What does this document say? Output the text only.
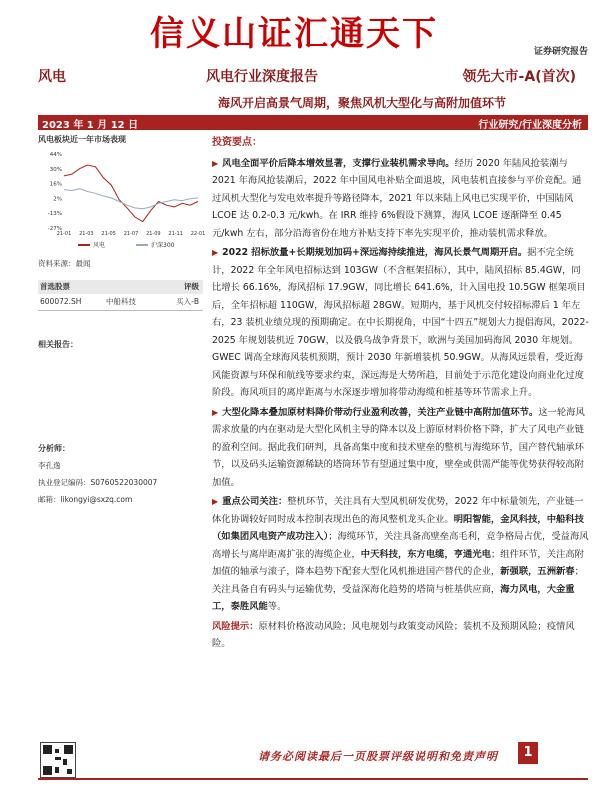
信义山证汇通天下	证券研究报告
风电	风电行业深度报告	领先大市-A(首次)
海风开启高景气周期，聚焦风机大型化与高附加值环节
2023 年 1 月 12 日	行业研究/行业深度分析
风电板块近一年市场表现
44%
30%
16%
2%
-13%
-27%
21-01 21-03 21-05 21-07 21-09 21-11 22-01
风电	沪深300
资料来源：最闻
首选股票	评级
600072.SH	中船科技	买入-B
相关报告：
分析师：
李孔逸
执业登记编码：S0760522030007
邮箱：likongyi@sxzq.com
投资要点：

▶ 风电全面平价后降本增效显著，支撑行业装机需求导向。经历 2020 年陆风抢装潮与 2021 年海风抢装潮后，2022 年中国风电补贴全面退坡，风电装机直接参与平价竞配。通过风机大型化与发电效率提升等路径降本，2021 年以来陆上风电已实现平价，中国陆风 LCOE 达 0.2-0.3 元/kwh。在 IRR 维持 6%假设下测算，海风 LCOE 逐渐降至 0.45 元/kwh 左右，部分沿海省份在地方补贴支持下率先实现平价，推动装机需求释放。

▶ 2022 招标放量+长期规划加码+深远海持续推进，海风长景气周期开启。据不完全统计，2022 年全年风电招标达到 103GW（不含框架招标），其中，陆风招标 85.4GW，同比增长 66.16%，海风招标 17.9GW，同比增长 641.6%，计入国电投 10.5GW 框架项目后，全年招标超 110GW，海风招标超 28GW。短期内，基于风机交付较招标滞后 1 年左右，23 装机业绩兑现的预期确定。在中长期视角，中国“十四五”规划大力提倡海风，2022-2025 年规划装机近 70GW，以及俄乌战争背景下，欧洲与美国加码海风 2030 年规划。GWEC 调高全球海风装机预期，预计 2030 年新增装机 50.9GW。从海风远景看，受近海风能资源与环保和航线等要求约束，深远海是大势所趋，目前处于示范化建设向商业化过度阶段。海风项目的离岸距离与水深逐步增加将带动海缆和桩基等环节需求上升。

▶ 大型化降本叠加原材料降价带动行业盈利改善，关注产业链中高附加值环节。这一轮海风需求放量的内在驱动是大型化风机主导的降本以及上游原材料价格下降，扩大了风电产业链的盈利空间。据此我们研判，具备高集中度和技术壁垒的整机与海缆环节，国产替代轴承环节，以及码头运输资源稀缺的塔筒环节有望通过集中度，壁垒或供需严能等优势获得较高附加值。

▶ 重点公司关注：整机环节，关注具有大型风机研发优势，2022 年中标量领先，产业链一体化协调较好同时成本控制表现出色的海风整机龙头企业。明阳智能，金风科技，中船科技（如集团风电资产成功注入）；海缆环节，关注具备高壁垒高毛利，竞争格局占优，受益海风高增长与离岸距离扩张的海缆企业，中天科技，东方电缆，亨通光电；组件环节，关注高附加值的轴承与滚子，降本趋势下配套大型化风机推进国产替代的企业，新强联，五洲新春；关注具备自有码头与运输优势，受益深海化趋势的塔筒与桩基供应商，海力风电，大金重工，泰胜风能等。

风险提示：原材料价格波动风险；风电规划与政策变动风险；装机不及预期风险；疫情风险。

请务必阅读最后一页股票评级说明和免责声明	1
